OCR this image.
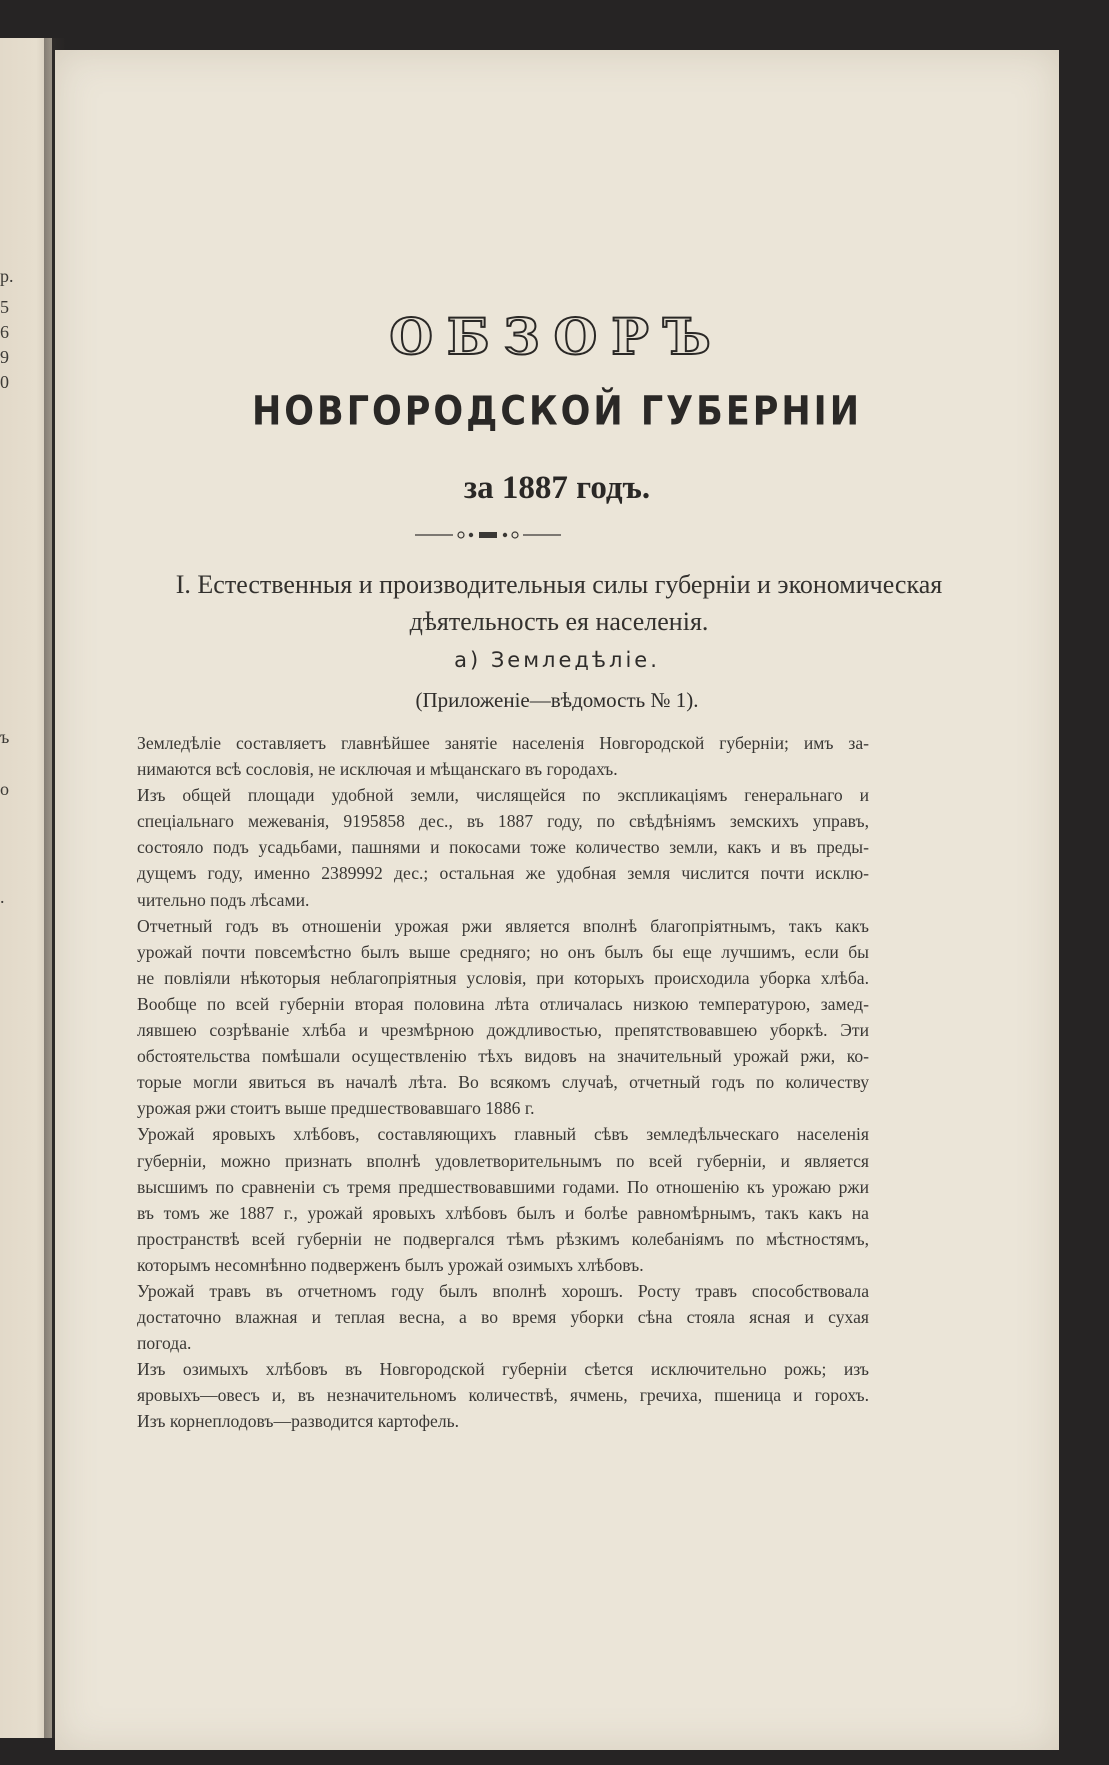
р.
5
6
9
0
ъ
о
.
ОБЗОРЪ
НОВГОРОДСКОЙ ГУБЕРНІИ
за 1887 годъ.
I. Естественныя и производительныя силы губерніи и экономическая
дѣятельность ея населенія.
а) Земледѣліе.
(Приложеніе—вѣдомость № 1).

Земледѣліе составляетъ главнѣйшее занятіе населенія Новгородской губерніи; имъ за-

нимаются всѣ сословія, не исключая и мѣщанскаго въ городахъ.

Изъ общей площади удобной земли, числящейся по экспликаціямъ генеральнаго и

спеціальнаго межеванія, 9195858 дес., въ 1887 году, по свѣдѣніямъ земскихъ управъ,

состояло подъ усадьбами, пашнями и покосами тоже количество земли, какъ и въ преды-

дущемъ году, именно 2389992 дес.; остальная же удобная земля числится почти исклю-

чительно подъ лѣсами.

Отчетный годъ въ отношеніи урожая ржи является вполнѣ благопріятнымъ, такъ какъ

урожай почти повсемѣстно былъ выше средняго; но онъ былъ бы еще лучшимъ, если бы

не повліяли нѣкоторыя неблагопріятныя условія, при которыхъ происходила уборка хлѣба.

Вообще по всей губерніи вторая половина лѣта отличалась низкою температурою, замед-

лявшею созрѣваніе хлѣба и чрезмѣрною дождливостью, препятствовавшею уборкѣ. Эти

обстоятельства помѣшали осуществленію тѣхъ видовъ на значительный урожай ржи, ко-

торые могли явиться въ началѣ лѣта. Во всякомъ случаѣ, отчетный годъ по количеству

урожая ржи стоитъ выше предшествовавшаго 1886 г.

Урожай яровыхъ хлѣбовъ, составляющихъ главный сѣвъ земледѣльческаго населенія

губерніи, можно признать вполнѣ удовлетворительнымъ по всей губерніи, и является

высшимъ по сравненіи съ тремя предшествовавшими годами. По отношенію къ урожаю ржи

въ томъ же 1887 г., урожай яровыхъ хлѣбовъ былъ и болѣе равномѣрнымъ, такъ какъ на

пространствѣ всей губерніи не подвергался тѣмъ рѣзкимъ колебаніямъ по мѣстностямъ,

которымъ несомнѣнно подверженъ былъ урожай озимыхъ хлѣбовъ.

Урожай травъ въ отчетномъ году былъ вполнѣ хорошъ. Росту травъ способствовала

достаточно влажная и теплая весна, а во время уборки сѣна стояла ясная и сухая

погода.

Изъ озимыхъ хлѣбовъ въ Новгородской губерніи сѣется исключительно рожь; изъ

яровыхъ—овесъ и, въ незначительномъ количествѣ, ячмень, гречиха, пшеница и горохъ.

Изъ корнеплодовъ—разводится картофель.
